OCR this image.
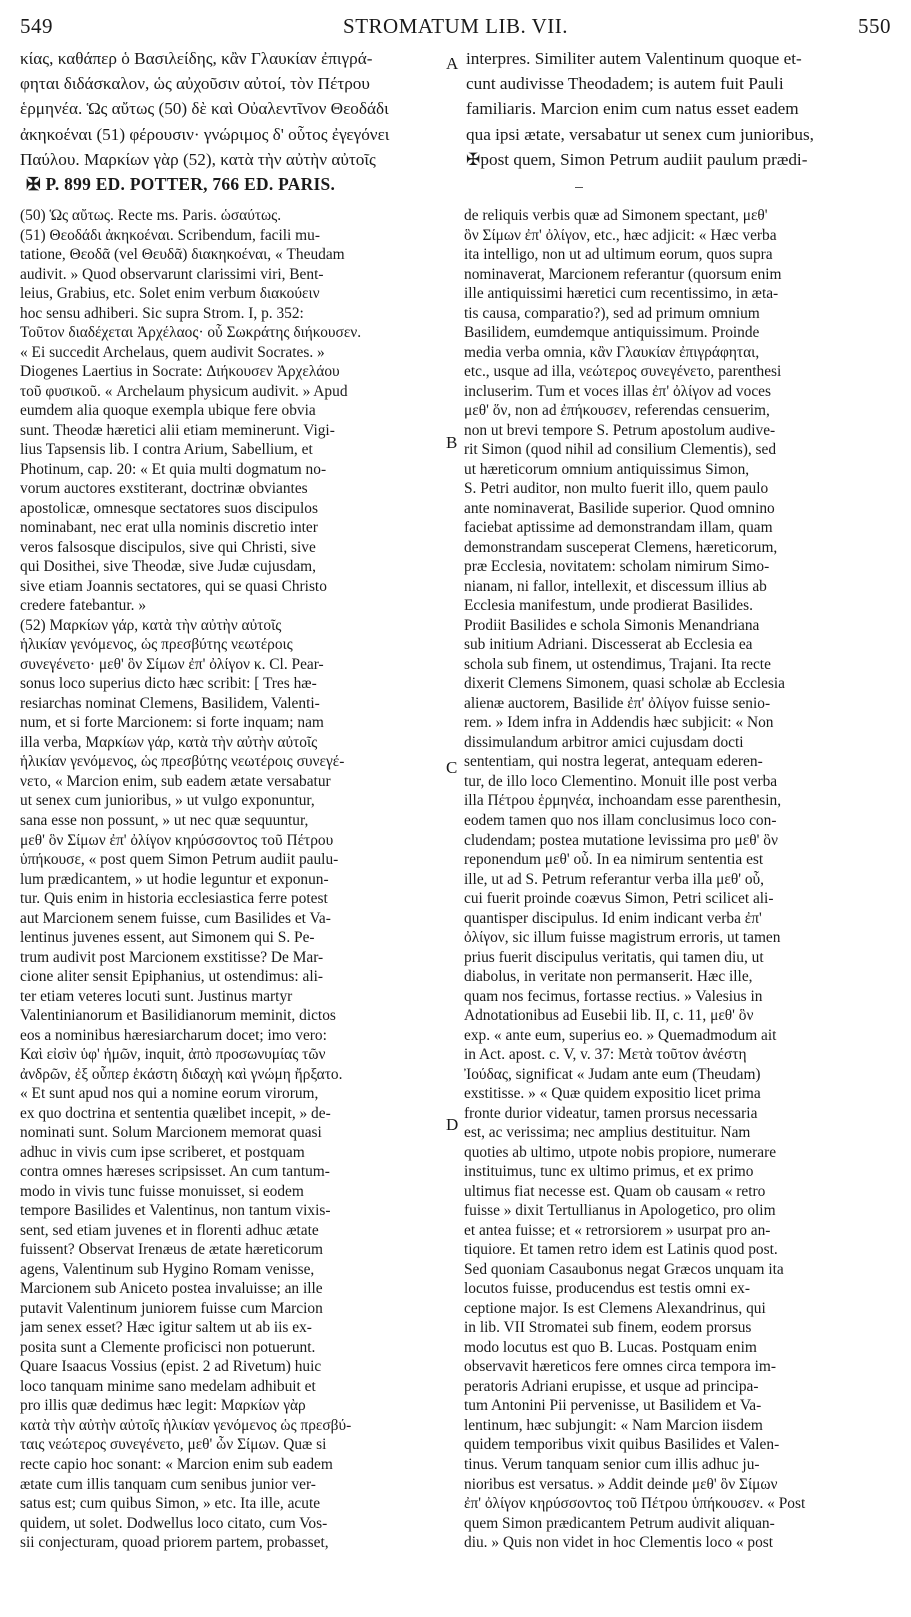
549	STROMATUM LIB. VII.	550
κίας, καθάπερ ὁ Βασιλείδης, κἂν Γλαυκίαν ἐπιγρά-
φηται διδάσκαλον, ὡς αὐχοῦσιν αὐτοί, τὸν Πέτρου
ἑρμηνέα. Ὡς αὔτως (50) δὲ καὶ Οὐαλεντῖνον Θεοδάδι
ἀκηκοέναι (51) φέρουσιν· γνώριμος δ' οὗτος ἐγεγόνει
Παύλου. Μαρκίων γὰρ (52), κατὰ τὴν αὐτὴν αὐτοῖς
interpres. Similiter autem Valentinum quoque et-
cunt audivisse Theodadem; is autem fuit Pauli
familiaris. Marcion enim cum natus esset eadem
qua ipsi ætate, versabatur ut senex cum junioribus,
✠post quem, Simon Petrum audiit paulum prædi-
✠ P. 899 ED. POTTER, 766 ED. PARIS.
(50) Ὡς αὔτως. Recte ms. Paris. ὡσαύτως.
(51) Θεοδάδι ἀκηκοέναι. Scribendum, facili mu-
tatione, Θεοδᾶ (vel Θευδᾶ) διακηκοέναι, « Theudam
audivit. » Quod observarunt clarissimi viri, Bent-
leius, Grabius, etc. Solet enim verbum διακούειν
hoc sensu adhiberi. Sic supra Strom. I, p. 352:
Τοῦτον διαδέχεται Ἀρχέλαος· οὗ Σωκράτης διήκουσεν.
« Ei succedit Archelaus, quem audivit Socrates. »
Diogenes Laertius in Socrate: Διήκουσεν Ἀρχελάου
τοῦ φυσικοῦ. « Archelaum physicum audivit. » Apud
eumdem alia quoque exempla ubique fere obvia
sunt. Theodæ hæretici alii etiam meminerunt. Vigi-
lius Tapsensis lib. I contra Arium, Sabellium, et
Photinum, cap. 20: « Et quia multi dogmatum no-
vorum auctores exstiterant, doctrinæ obviantes
apostolicæ, omnesque sectatores suos discipulos
nominabant, nec erat ulla nominis discretio inter
veros falsosque discipulos, sive qui Christi, sive
qui Dosithei, sive Theodæ, sive Judæ cujusdam,
sive etiam Joannis sectatores, qui se quasi Christo
credere fatebantur. »
(52) Μαρκίων γάρ, κατὰ τὴν αὐτὴν αὐτοῖς
ἡλικίαν γενόμενος, ὡς πρεσβύτης νεωτέροις
συνεγένετο· μεθ' ὃν Σίμων ἐπ' ὀλίγον κ. Cl. Pear-
sonus loco superius dicto hæc scribit: [ Tres hæ-
resiarchas nominat Clemens, Basilidem, Valenti-
num, et si forte Marcionem: si forte inquam; nam
illa verba, Μαρκίων γάρ, κατὰ τὴν αὐτὴν αὐτοῖς
ἡλικίαν γενόμενος, ὡς πρεσβύτης νεωτέροις συνεγέ-
νετο, « Marcion enim, sub eadem ætate versabatur
ut senex cum junioribus, » ut vulgo exponuntur,
sana esse non possunt, » ut nec quæ sequuntur,
μεθ' ὃν Σίμων ἐπ' ὀλίγον κηρύσσοντος τοῦ Πέτρου
ὑπήκουσε, « post quem Simon Petrum audiit paulu-
lum prædicantem, » ut hodie leguntur et exponun-
tur. Quis enim in historia ecclesiastica ferre potest
aut Marcionem senem fuisse, cum Basilides et Va-
lentinus juvenes essent, aut Simonem qui S. Pe-
trum audivit post Marcionem exstitisse? De Mar-
cione aliter sensit Epiphanius, ut ostendimus: ali-
ter etiam veteres locuti sunt. Justinus martyr
Valentinianorum et Basilidianorum meminit, dictos
eos a nominibus hæresiarcharum docet; imo vero:
Καὶ εἰσὶν ὑφ' ἡμῶν, inquit, ἀπὸ προσωνυμίας τῶν
ἀνδρῶν, ἐξ οὗπερ ἑκάστη διδαχὴ καὶ γνώμη ἤρξατο.
« Et sunt apud nos qui a nomine eorum virorum,
ex quo doctrina et sententia quælibet incepit, » de-
nominati sunt. Solum Marcionem memorat quasi
adhuc in vivis cum ipse scriberet, et postquam
contra omnes hæreses scripsisset. An cum tantum-
modo in vivis tunc fuisse monuisset, si eodem
tempore Basilides et Valentinus, non tantum vixis-
sent, sed etiam juvenes et in florenti adhuc ætate
fuissent? Observat Irenæus de ætate hæreticorum
agens, Valentinum sub Hygino Romam venisse,
Marcionem sub Aniceto postea invaluisse; an ille
putavit Valentinum juniorem fuisse cum Marcion
jam senex esset? Hæc igitur saltem ut ab iis ex-
posita sunt a Clemente proficisci non potuerunt.
Quare Isaacus Vossius (epist. 2 ad Rivetum) huic
loco tanquam minime sano medelam adhibuit et
pro illis quæ dedimus hæc legit: Μαρκίων γὰρ
κατὰ τὴν αὐτὴν αὐτοῖς ἡλικίαν γενόμενος ὡς πρεσβύ-
ταις νεώτερος συνεγένετο, μεθ' ὧν Σίμων. Quæ si
recte capio hoc sonant: « Marcion enim sub eadem
ætate cum illis tanquam cum senibus junior ver-
satus est; cum quibus Simon, » etc. Ita ille, acute
quidem, ut solet. Dodwellus loco citato, cum Vos-
sii conjecturam, quoad priorem partem, probasset,
de reliquis verbis quæ ad Simonem spectant, μεθ'
ὃν Σίμων ἐπ' ὀλίγον, etc., hæc adjicit: « Hæc verba
ita intelligo, non ut ad ultimum eorum, quos supra
nominaverat, Marcionem referantur (quorsum enim
ille antiquissimi hæretici cum recentissimo, in æta-
tis causa, comparatio?), sed ad primum omnium
Basilidem, eumdemque antiquissimum. Proinde
media verba omnia, κἂν Γλαυκίαν ἐπιγράφηται,
etc., usque ad illa, νεώτερος συνεγένετο, parenthesi
incluserim. Tum et voces illas ἐπ' ὀλίγον ad voces
μεθ' ὅν, non ad ἐπήκουσεν, referendas censuerim,
non ut brevi tempore S. Petrum apostolum audive-
rit Simon (quod nihil ad consilium Clementis), sed
ut hæreticorum omnium antiquissimus Simon,
S. Petri auditor, non multo fuerit illo, quem paulo
ante nominaverat, Basilide superior. Quod omnino
faciebat aptissime ad demonstrandam illam, quam
demonstrandam susceperat Clemens, hæreticorum,
præ Ecclesia, novitatem: scholam nimirum Simo-
nianam, ni fallor, intellexit, et discessum illius ab
Ecclesia manifestum, unde prodierat Basilides.
Prodiit Basilides e schola Simonis Menandriana
sub initium Adriani. Discesserat ab Ecclesia ea
schola sub finem, ut ostendimus, Trajani. Ita recte
dixerit Clemens Simonem, quasi scholæ ab Ecclesia
alienæ auctorem, Basilide ἐπ' ὀλίγον fuisse senio-
rem. » Idem infra in Addendis hæc subjicit: « Non
dissimulandum arbitror amici cujusdam docti
sententiam, qui nostra legerat, antequam ederen-
tur, de illo loco Clementino. Monuit ille post verba
illa Πέτρου ἑρμηνέα, inchoandam esse parenthesin,
eodem tamen quo nos illam conclusimus loco con-
cludendam; postea mutatione levissima pro μεθ' ὃν
reponendum μεθ' οὗ. In ea nimirum sententia est
ille, ut ad S. Petrum referantur verba illa μεθ' οὗ,
cui fuerit proinde coævus Simon, Petri scilicet ali-
quantisper discipulus. Id enim indicant verba ἐπ'
ὀλίγον, sic illum fuisse magistrum erroris, ut tamen
prius fuerit discipulus veritatis, qui tamen diu, ut
diabolus, in veritate non permanserit. Hæc ille,
quam nos fecimus, fortasse rectius. » Valesius in
Adnotationibus ad Eusebii lib. II, c. 11, μεθ' ὃν
exp. « ante eum, superius eo. » Quemadmodum ait
in Act. apost. c. V, v. 37: Μετὰ τοῦτον ἀνέστη
Ἰούδας, significat « Judam ante eum (Theudam)
exstitisse. » « Quæ quidem expositio licet prima
fronte durior videatur, tamen prorsus necessaria
est, ac verissima; nec amplius destituitur. Nam
quoties ab ultimo, utpote nobis propiore, numerare
instituimus, tunc ex ultimo primus, et ex primo
ultimus fiat necesse est. Quam ob causam « retro
fuisse » dixit Tertullianus in Apologetico, pro olim
et antea fuisse; et « retrorsiorem » usurpat pro an-
tiquiore. Et tamen retro idem est Latinis quod post.
Sed quoniam Casaubonus negat Græcos unquam ita
locutos fuisse, producendus est testis omni ex-
ceptione major. Is est Clemens Alexandrinus, qui
in lib. VII Stromatei sub finem, eodem prorsus
modo locutus est quo B. Lucas. Postquam enim
observavit hæreticos fere omnes circa tempora im-
peratoris Adriani erupisse, et usque ad principa-
tum Antonini Pii pervenisse, ut Basilidem et Va-
lentinum, hæc subjungit: « Nam Marcion iisdem
quidem temporibus vixit quibus Basilides et Valen-
tinus. Verum tanquam senior cum illis adhuc ju-
nioribus est versatus. » Addit deinde μεθ' ὃν Σίμων
ἐπ' ὀλίγον κηρύσσοντος τοῦ Πέτρου ὑπήκουσεν. « Post
quem Simon prædicantem Petrum audivit aliquan-
diu. » Quis non videt in hoc Clementis loco « post
A
B
C
D
